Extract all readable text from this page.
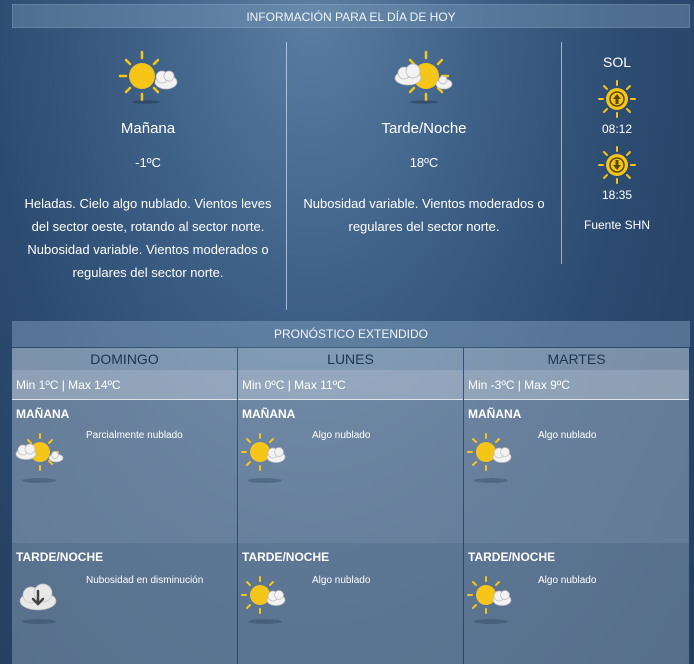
INFORMACIÓN PARA EL DÍA DE HOY
Mañana
-1ºC
Heladas. Cielo algo nublado. Vientos leves
del sector oeste, rotando al sector norte.
Nubosidad variable. Vientos moderados o
regulares del sector norte.
Tarde/Noche
18ºC
Nubosidad variable. Vientos moderados o
regulares del sector norte.
SOL
08:12
18:35
Fuente SHN
PRONÓSTICO EXTENDIDO
DOMINGO
Min 1ºC | Max 14ºC
MAÑANA
Parcialmente nublado
TARDE/NOCHE
Nubosidad en disminución
LUNES
Min 0ºC | Max 11ºC
MAÑANA
Algo nublado
TARDE/NOCHE
Algo nublado
MARTES
Min -3ºC | Max 9ºC
MAÑANA
Algo nublado
TARDE/NOCHE
Algo nublado
